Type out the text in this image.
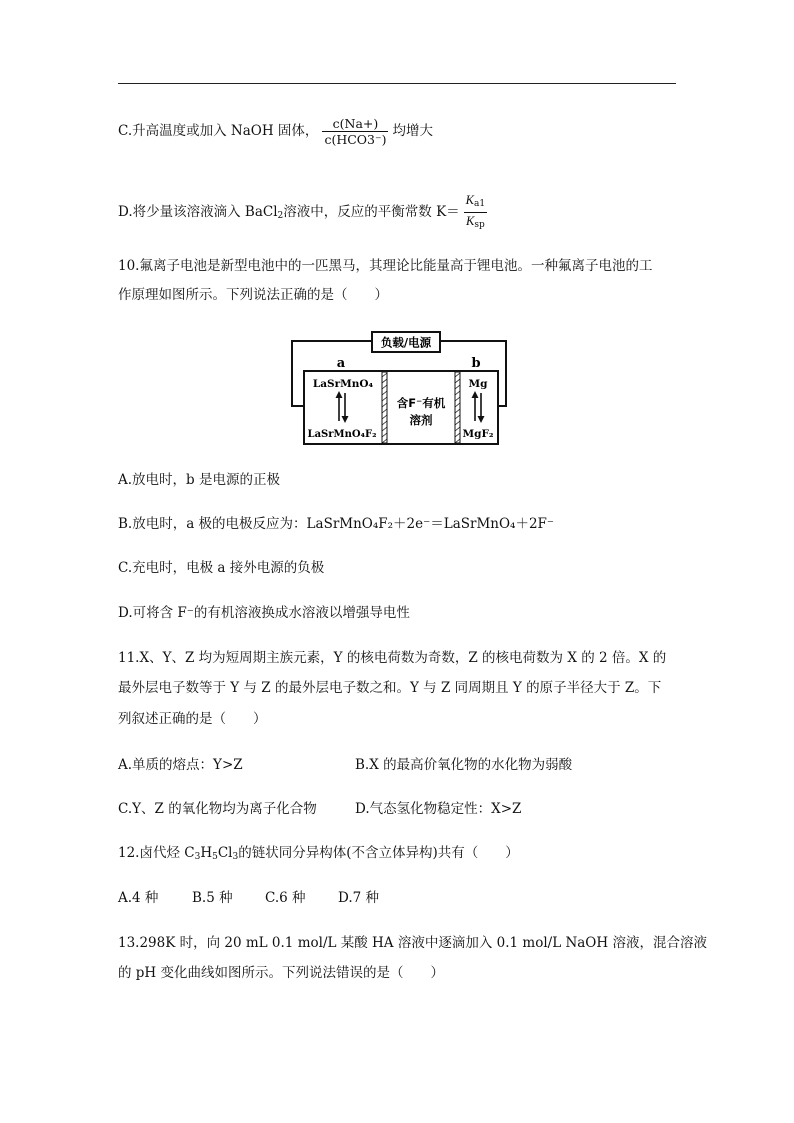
C.升高温度或加入 NaOH 固体， $\frac{c(Na+)}{\text{c(HCO3⁻)}}$ 均增大
D.将少量该溶液滴入 BaCl$_2$溶液中，反应的平衡常数 $K= \frac{K_{a1}}{K_{sp}}$
10.氟离子电池是新型电池中的一匹黑马，其理论比能量高于锂电池。一种氟离子电池的工
作原理如图所示。下列说法正确的是（　　）
负载/电源
a	b
LaSrMnO₄
LaSrMnO₄F₂
含F⁻有机
溶剂
Mg
MgF₂
A.放电时，b 是电源的正极
B.放电时，a 极的电极反应为：LaSrMnO₄F₂＋2e⁻＝LaSrMnO₄＋2F⁻
C.充电时，电极 a 接外电源的负极
D.可将含 F⁻的有机溶液换成水溶液以增强导电性
11.X、Y、Z 均为短周期主族元素，Y 的核电荷数为奇数，Z 的核电荷数为 X 的 2 倍。X 的
最外层电子数等于 Y 与 Z 的最外层电子数之和。Y 与 Z 同周期且 Y 的原子半径大于 Z。下
列叙述正确的是（　　）
A.单质的熔点：Y>Z	B.X 的最高价氧化物的水化物为弱酸
C.Y、Z 的氧化物均为离子化合物	D.气态氢化物稳定性：X>Z
12.卤代烃 $C_3H_5Cl_3$的链状同分异构体(不含立体异构)共有（　　）
A.4 种 B.5 种 C.6 种 D.7 种
13.298K 时，向 20 mL 0.1 mol/L 某酸 HA 溶液中逐滴加入 0.1 mol/L NaOH 溶液，混合溶液
的 pH 变化曲线如图所示。下列说法错误的是（　　）
